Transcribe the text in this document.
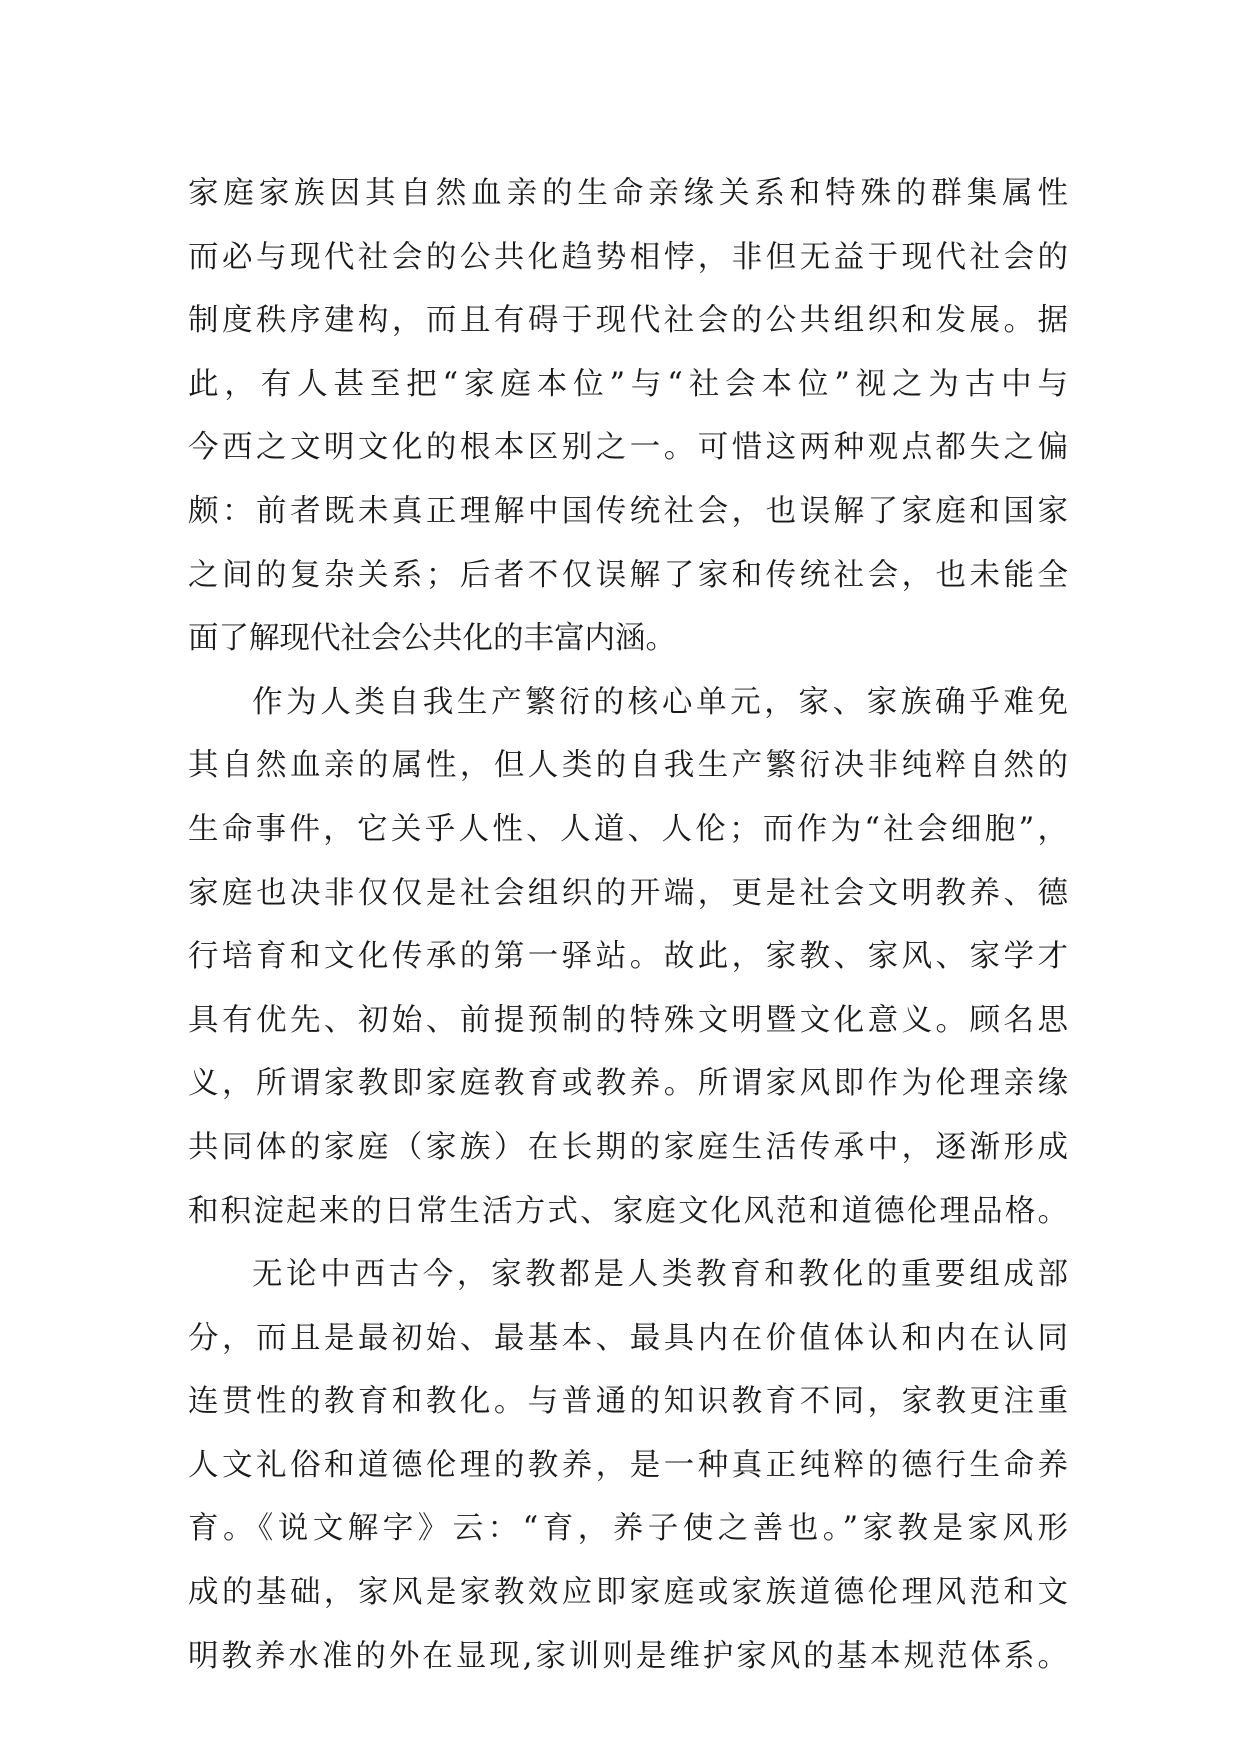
家庭家族因其自然血亲的生命亲缘关系和特殊的群集属性
而必与现代社会的公共化趋势相悖，非但无益于现代社会的
制度秩序建构，而且有碍于现代社会的公共组织和发展。据
此，有人甚至把“家庭本位”与“社会本位”视之为古中与
今西之文明文化的根本区别之一。可惜这两种观点都失之偏
颇：前者既未真正理解中国传统社会，也误解了家庭和国家
之间的复杂关系；后者不仅误解了家和传统社会，也未能全
面了解现代社会公共化的丰富内涵。
作为人类自我生产繁衍的核心单元，家、家族确乎难免
其自然血亲的属性，但人类的自我生产繁衍决非纯粹自然的
生命事件，它关乎人性、人道、人伦；而作为“社会细胞”，
家庭也决非仅仅是社会组织的开端，更是社会文明教养、德
行培育和文化传承的第一驿站。故此，家教、家风、家学才
具有优先、初始、前提预制的特殊文明暨文化意义。顾名思
义，所谓家教即家庭教育或教养。所谓家风即作为伦理亲缘
共同体的家庭（家族）在长期的家庭生活传承中，逐渐形成
和积淀起来的日常生活方式、家庭文化风范和道德伦理品格。
无论中西古今，家教都是人类教育和教化的重要组成部
分，而且是最初始、最基本、最具内在价值体认和内在认同
连贯性的教育和教化。与普通的知识教育不同，家教更注重
人文礼俗和道德伦理的教养，是一种真正纯粹的德行生命养
育。《说文解字》云：“育，养子使之善也。”家教是家风形
成的基础，家风是家教效应即家庭或家族道德伦理风范和文
明教养水准的外在显现,家训则是维护家风的基本规范体系。
